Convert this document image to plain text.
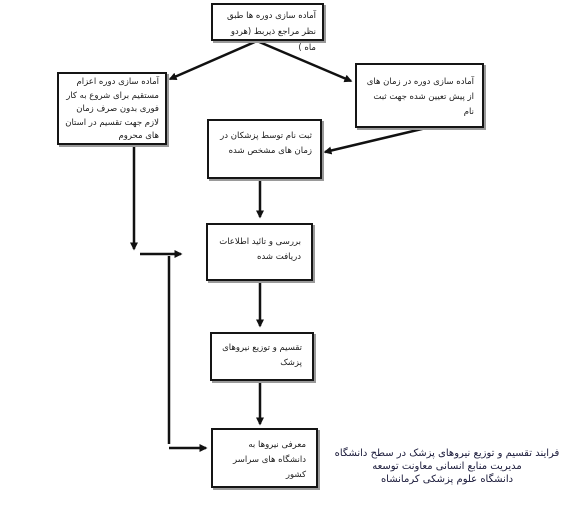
آماده سازی دوره ها طبق نظر مراجع ذیربط (هردو ماه )
آماده سازی دوره اعزام مستقیم برای شروع به کار فوری بدون صرف زمان لازم جهت تقسیم در استان های محروم
آماده سازی دوره در زمان های از پیش تعیین شده جهت ثبت نام
ثبت نام توسط پزشکان در زمان های مشخص شده
بررسی و تائید اطلاعات دریافت شده
تقسیم و توزیع نیروهای پزشک
معرفی نیروها به دانشگاه های سراسر کشور
فرایند تقسیم و توزیع نیروهای پزشک در سطح دانشگاه
مدیریت منابع انسانی معاونت توسعه
دانشگاه علوم پزشکی کرمانشاه
